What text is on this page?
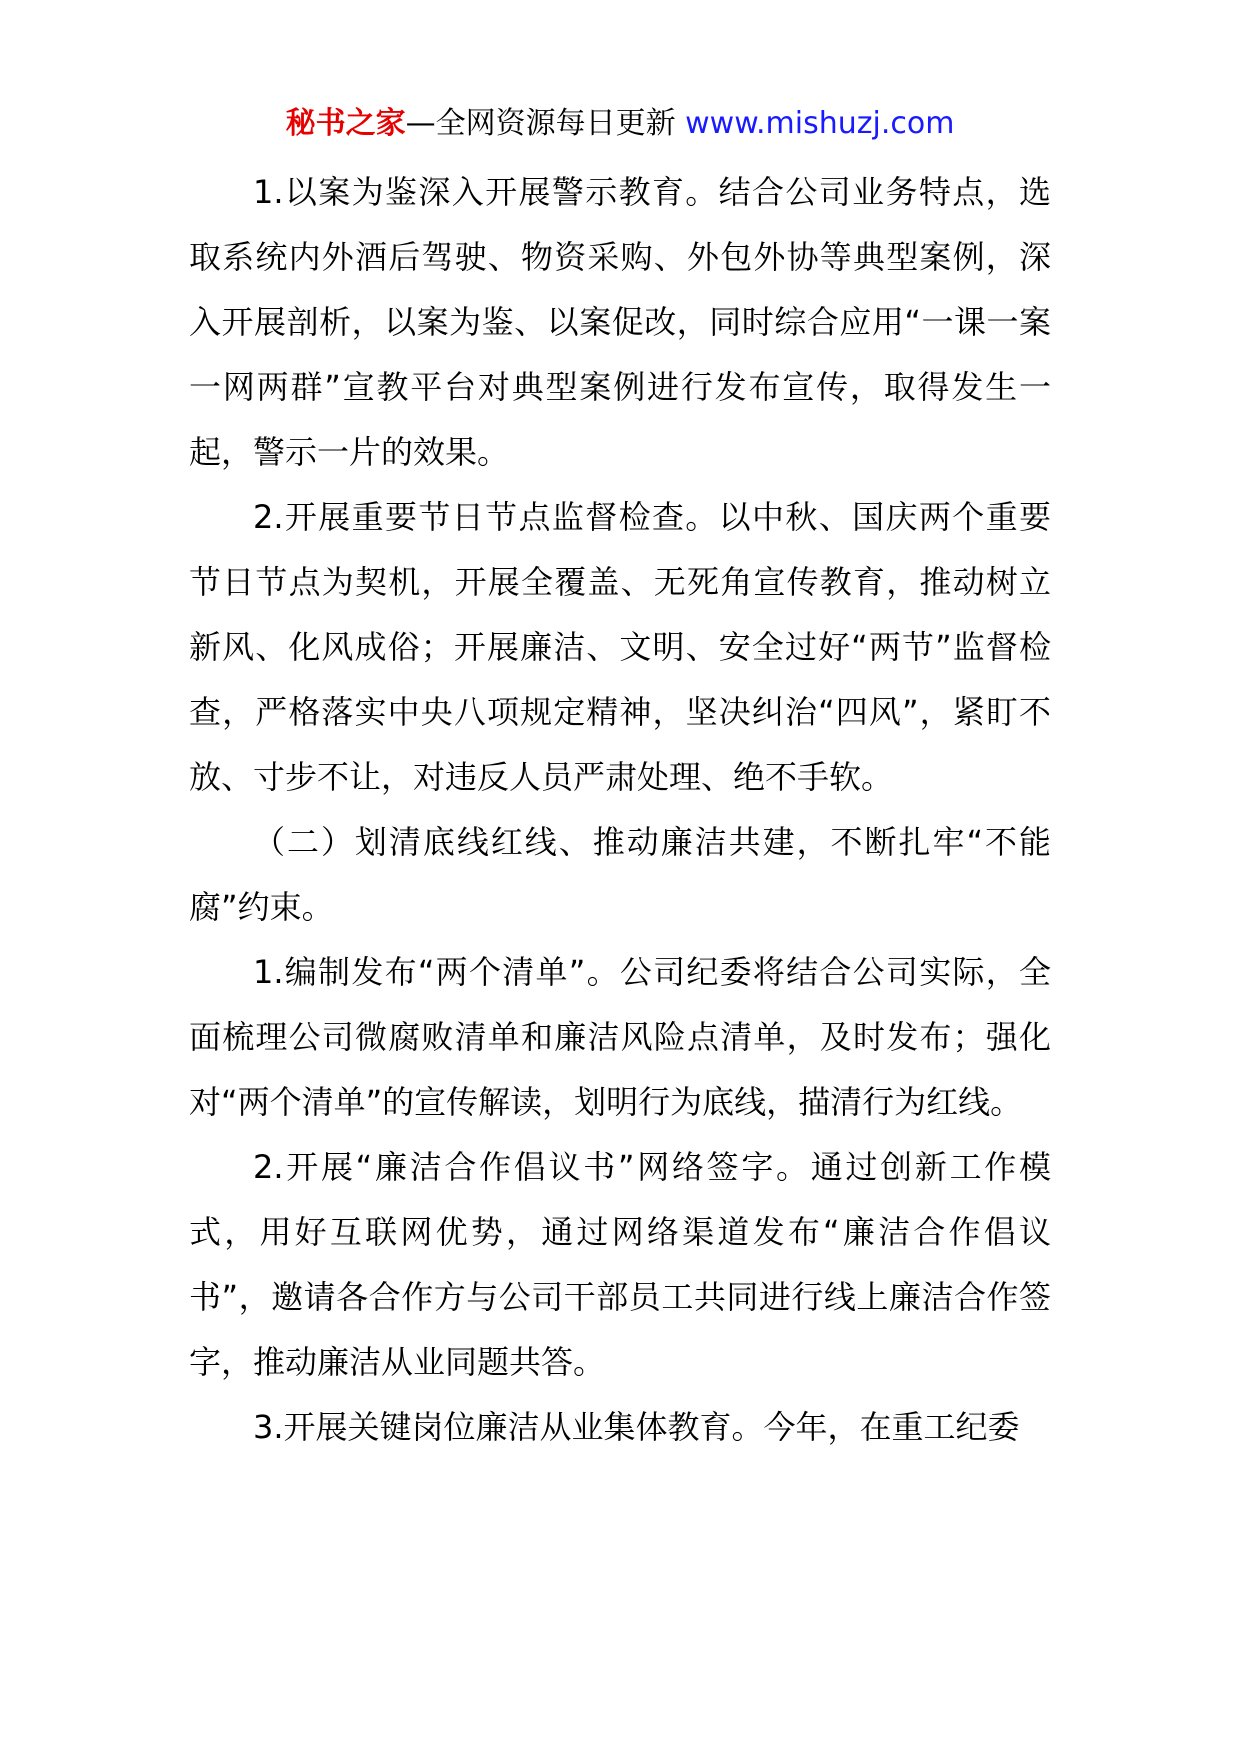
秘书之家—全网资源每日更新 www.mishuzj.com

1.以案为鉴深入开展警示教育。结合公司业务特点，选取系统内外酒后驾驶、物资采购、外包外协等典型案例，深入开展剖析，以案为鉴、以案促改，同时综合应用“一课一案一网两群”宣教平台对典型案例进行发布宣传，取得发生一起，警示一片的效果。

2.开展重要节日节点监督检查。以中秋、国庆两个重要节日节点为契机，开展全覆盖、无死角宣传教育，推动树立新风、化风成俗；开展廉洁、文明、安全过好“两节”监督检查，严格落实中央八项规定精神，坚决纠治“四风”，紧盯不放、寸步不让，对违反人员严肃处理、绝不手软。

（二）划清底线红线、推动廉洁共建，不断扎牢“不能腐”约束。

1.编制发布“两个清单”。公司纪委将结合公司实际，全面梳理公司微腐败清单和廉洁风险点清单，及时发布；强化对“两个清单”的宣传解读，划明行为底线，描清行为红线。

2.开展“廉洁合作倡议书”网络签字。通过创新工作模式，用好互联网优势，通过网络渠道发布“廉洁合作倡议书”，邀请各合作方与公司干部员工共同进行线上廉洁合作签字，推动廉洁从业同题共答。

3.开展关键岗位廉洁从业集体教育。今年，在重工纪委
